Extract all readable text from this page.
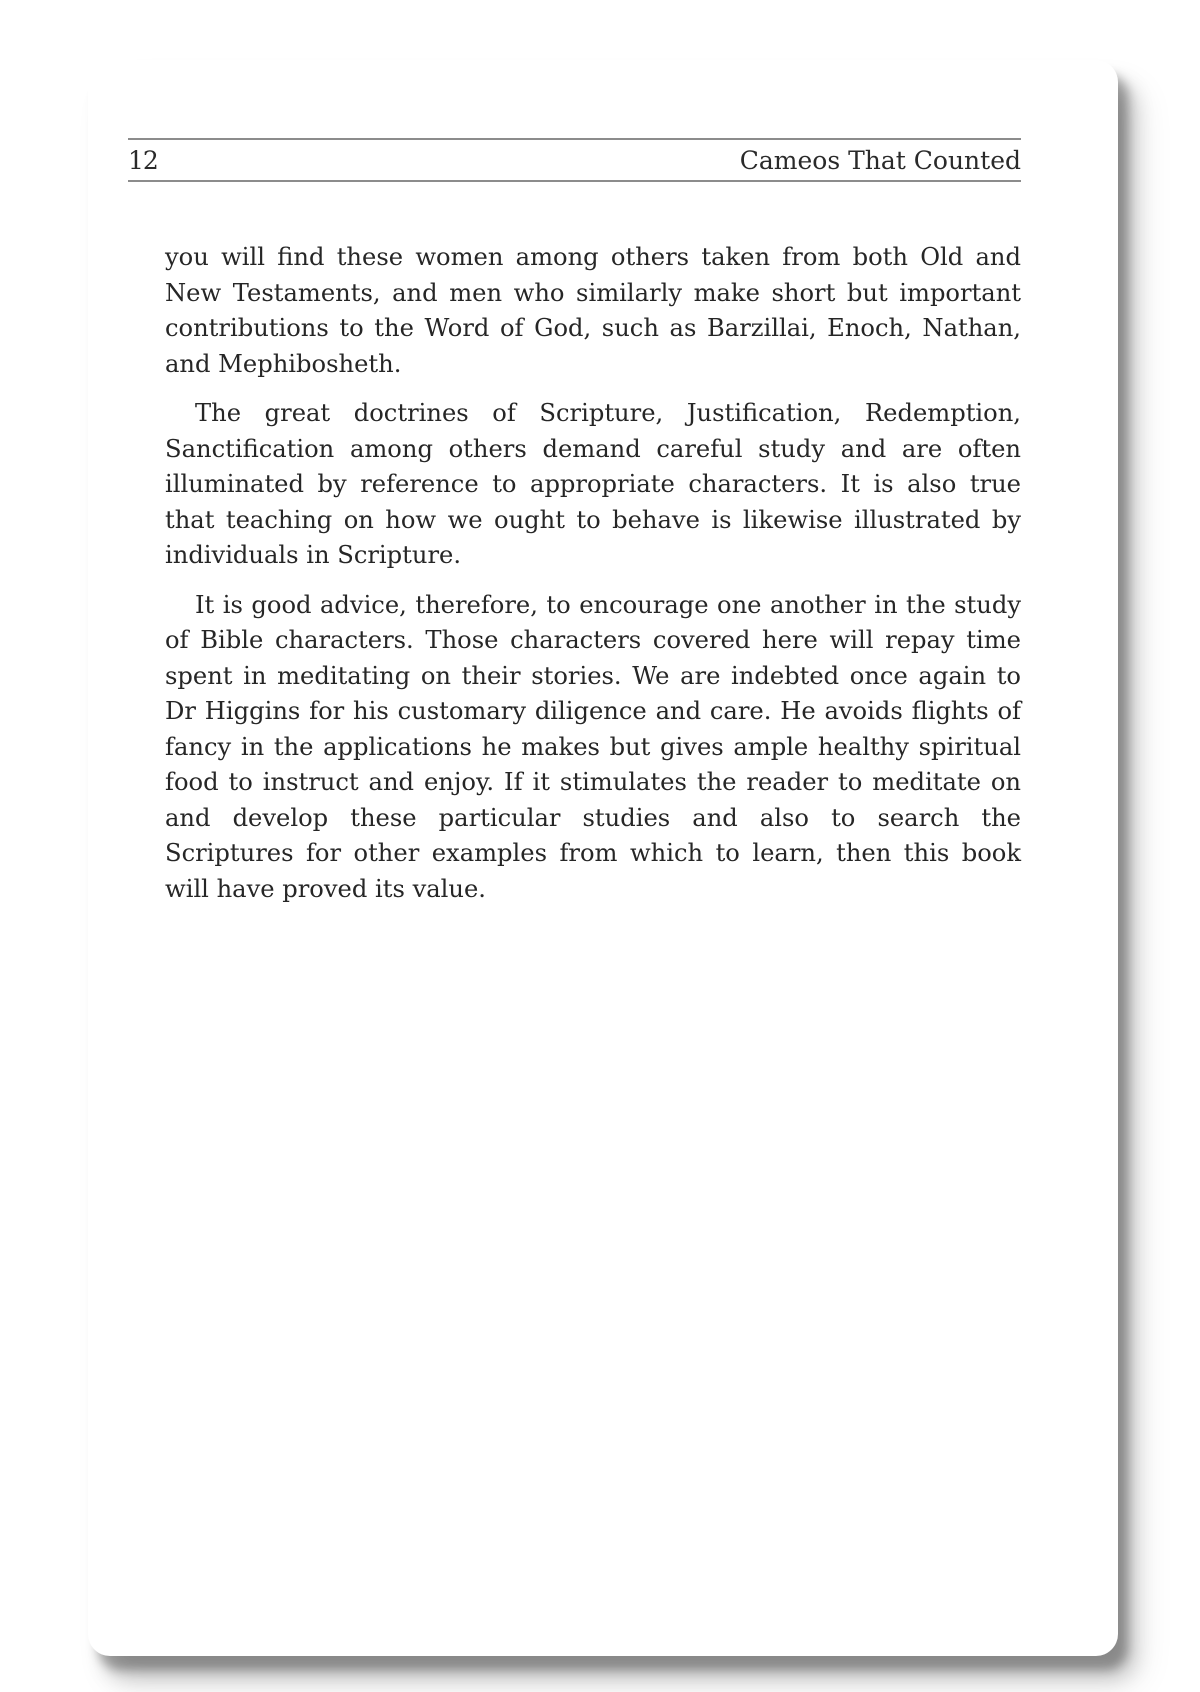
12	Cameos That Counted

you will find these women among others taken from both Old and New Testaments, and men who similarly make short but important contributions to the Word of God, such as Barzillai, Enoch, Nathan, and Mephibosheth.

The great doctrines of Scripture, Justification, Redemption, Sanctification among others demand careful study and are often illuminated by reference to appropriate characters. It is also true that teaching on how we ought to behave is likewise illustrated by individuals in Scripture.

It is good advice, therefore, to encourage one another in the study of Bible characters. Those characters covered here will repay time spent in meditating on their stories. We are indebted once again to Dr Higgins for his customary diligence and care. He avoids flights of fancy in the applications he makes but gives ample healthy spiritual food to instruct and enjoy. If it stimulates the reader to meditate on and develop these particular studies and also to search the Scriptures for other examples from which to learn, then this book will have proved its value.
